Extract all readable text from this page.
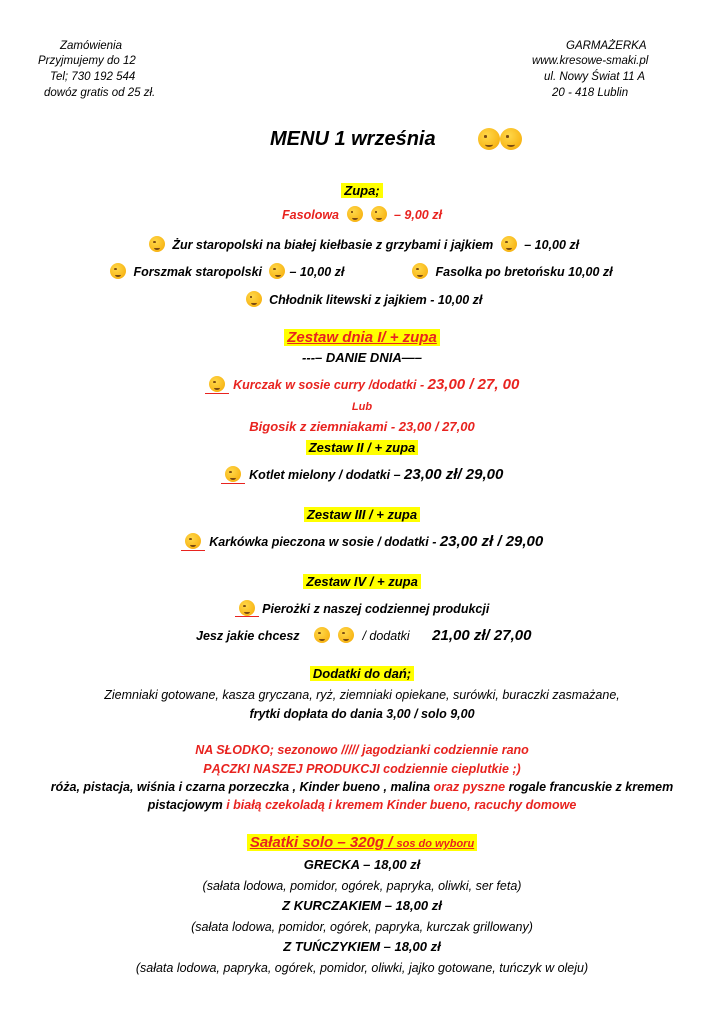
Zamówienia
Przyjmujemy do 12
Tel; 730 192 544
dowóz gratis od 25 zł.
GARMAŻERKA
www.kresowe-smaki.pl
ul. Nowy Świat 11 A
20 - 418 Lublin
MENU 1 września
Zupa;
Fasolowa	– 9,00 zł
Żur staropolski na białej kiełbasie z grzybami i jajkiem – 10,00 zł
Forszmak staropolski – 10,00 zł	Fasolka po bretońsku 10,00 zł
Chłodnik litewski z jajkiem - 10,00 zł
Zestaw dnia I/ + zupa
---– DANIE DNIA—–
Kurczak w sosie curry /dodatki - 23,00 / 27, 00
Lub
Bigosik z ziemniakami - 23,00 / 27,00
Zestaw II / + zupa
Kotlet mielony / dodatki – 23,00 zł/ 29,00
Zestaw III / + zupa
Karkówka pieczona w sosie / dodatki - 23,00 zł / 29,00
Zestaw IV / + zupa
Pierożki z naszej codziennej produkcji
Jesz jakie chcesz	/ dodatki 21,00 zł/ 27,00
Dodatki do dań;
Ziemniaki gotowane, kasza gryczana, ryż, ziemniaki opiekane, surówki, buraczki zasmażane,
frytki dopłata do dania 3,00 / solo 9,00
NA SŁODKO; sezonowo ///// jagodzianki codziennie rano
PĄCZKI NASZEJ PRODUKCJI codziennie cieplutkie ;)
róża, pistacja, wiśnia i czarna porzeczka , Kinder bueno , malina oraz pyszne rogale francuskie z kremem
pistacjowym i białą czekoladą i kremem Kinder bueno, racuchy domowe
Sałatki solo – 320g / sos do wyboru
GRECKA – 18,00 zł
(sałata lodowa, pomidor, ogórek, papryka, oliwki, ser feta)
Z KURCZAKIEM – 18,00 zł
(sałata lodowa, pomidor, ogórek, papryka, kurczak grillowany)
Z TUŃCZYKIEM – 18,00 zł
(sałata lodowa, papryka, ogórek, pomidor, oliwki, jajko gotowane, tuńczyk w oleju)
